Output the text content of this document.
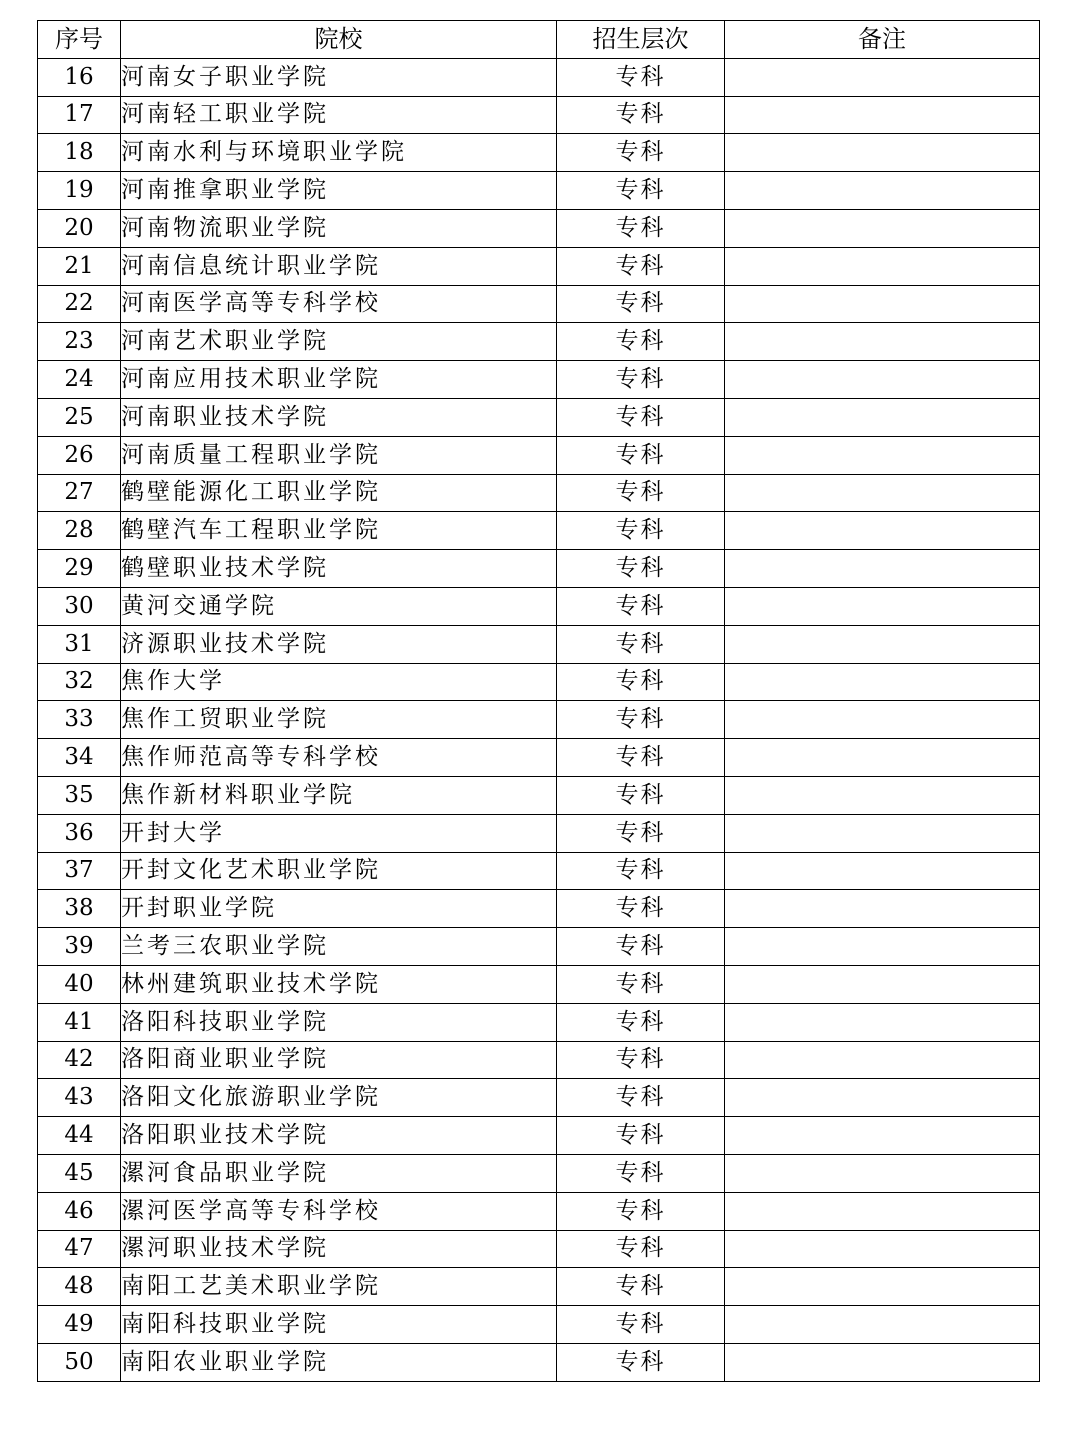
序号	院校	招生层次	备注
16	河南女子职业学院	专科	
17	河南轻工职业学院	专科	
18	河南水利与环境职业学院	专科	
19	河南推拿职业学院	专科	
20	河南物流职业学院	专科	
21	河南信息统计职业学院	专科	
22	河南医学高等专科学校	专科	
23	河南艺术职业学院	专科	
24	河南应用技术职业学院	专科	
25	河南职业技术学院	专科	
26	河南质量工程职业学院	专科	
27	鹤壁能源化工职业学院	专科	
28	鹤壁汽车工程职业学院	专科	
29	鹤壁职业技术学院	专科	
30	黄河交通学院	专科	
31	济源职业技术学院	专科	
32	焦作大学	专科	
33	焦作工贸职业学院	专科	
34	焦作师范高等专科学校	专科	
35	焦作新材料职业学院	专科	
36	开封大学	专科	
37	开封文化艺术职业学院	专科	
38	开封职业学院	专科	
39	兰考三农职业学院	专科	
40	林州建筑职业技术学院	专科	
41	洛阳科技职业学院	专科	
42	洛阳商业职业学院	专科	
43	洛阳文化旅游职业学院	专科	
44	洛阳职业技术学院	专科	
45	漯河食品职业学院	专科	
46	漯河医学高等专科学校	专科	
47	漯河职业技术学院	专科	
48	南阳工艺美术职业学院	专科	
49	南阳科技职业学院	专科	
50	南阳农业职业学院	专科	
